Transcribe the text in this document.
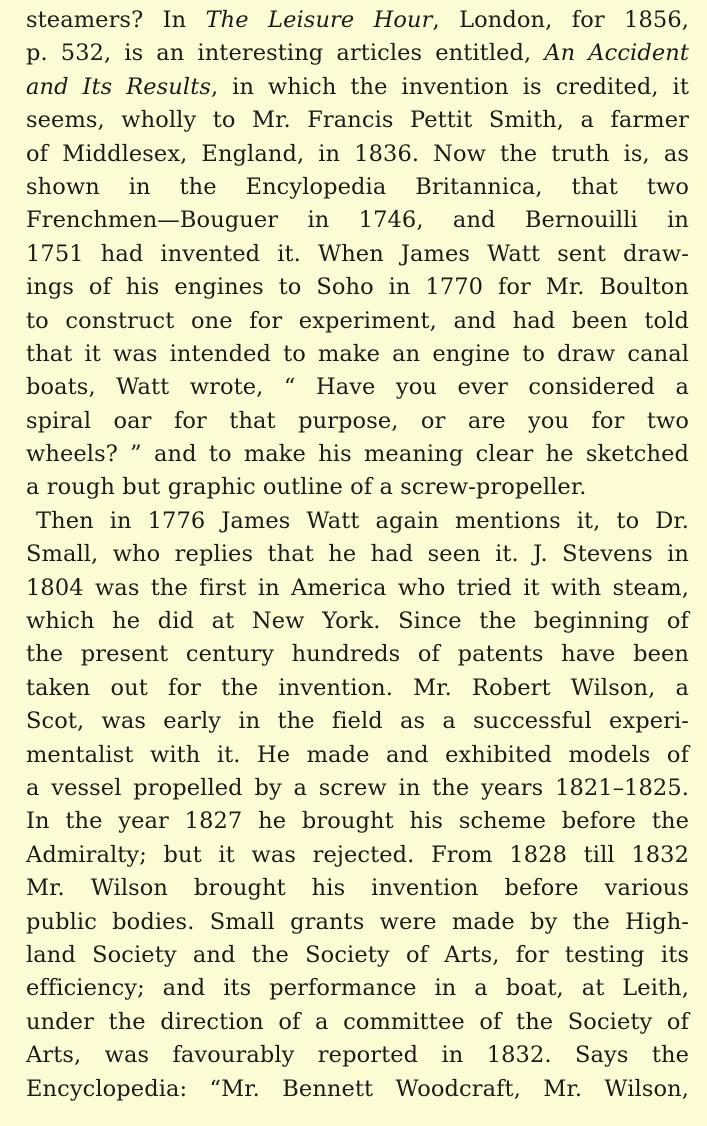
steamers? In The Leisure Hour, London, for 1856,
p. 532, is an interesting articles entitled, An Accident
and Its Results, in which the invention is credited, it
seems, wholly to Mr. Francis Pettit Smith, a farmer
of Middlesex, England, in 1836. Now the truth is, as
shown in the Encylopedia Britannica, that two
Frenchmen—Bouguer in 1746, and Bernouilli in
1751 had invented it. When James Watt sent draw-
ings of his engines to Soho in 1770 for Mr. Boulton
to construct one for experiment, and had been told
that it was intended to make an engine to draw canal
boats, Watt wrote, “ Have you ever considered a
spiral oar for that purpose, or are you for two
wheels? ” and to make his meaning clear he sketched
a rough but graphic outline of a screw-propeller.

Then in 1776 James Watt again mentions it, to Dr.
Small, who replies that he had seen it. J. Stevens in
1804 was the first in America who tried it with steam,
which he did at New York. Since the beginning of
the present century hundreds of patents have been
taken out for the invention. Mr. Robert Wilson, a
Scot, was early in the field as a successful experi-
mentalist with it. He made and exhibited models of
a vessel propelled by a screw in the years 1821–1825.
In the year 1827 he brought his scheme before the
Admiralty; but it was rejected. From 1828 till 1832
Mr. Wilson brought his invention before various
public bodies. Small grants were made by the High-
land Society and the Society of Arts, for testing its
efficiency; and its performance in a boat, at Leith,
under the direction of a committee of the Society of
Arts, was favourably reported in 1832. Says the
Encyclopedia: “Mr. Bennett Woodcraft, Mr. Wilson,
